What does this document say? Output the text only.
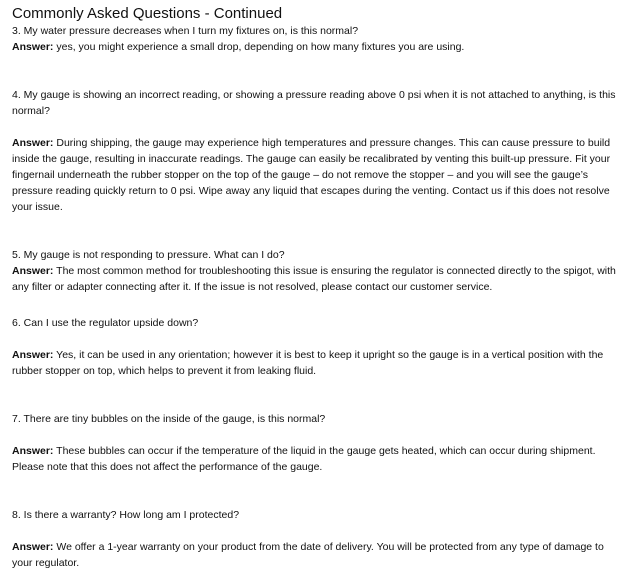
Commonly Asked Questions - Continued

3. My water pressure decreases when I turn my fixtures on, is this normal?

Answer: yes, you might experience a small drop, depending on how many fixtures you are using.

4. My gauge is showing an incorrect reading, or showing a pressure reading above 0 psi when it is not attached to anything, is this normal?

Answer: During shipping, the gauge may experience high temperatures and pressure changes. This can cause pressure to build inside the gauge, resulting in inaccurate readings. The gauge can easily be recalibrated by venting this built-up pressure. Fit your fingernail underneath the rubber stopper on the top of the gauge – do not remove the stopper – and you will see the gauge’s pressure reading quickly return to 0 psi. Wipe away any liquid that escapes during the venting. Contact us if this does not resolve your issue.

5. My gauge is not responding to pressure. What can I do?

Answer: The most common method for troubleshooting this issue is ensuring the regulator is connected directly to the spigot, with any filter or adapter connecting after it. If the issue is not resolved, please contact our customer service.

6. Can I use the regulator upside down?

Answer: Yes, it can be used in any orientation; however it is best to keep it upright so the gauge is in a vertical position with the rubber stopper on top, which helps to prevent it from leaking fluid.

7. There are tiny bubbles on the inside of the gauge, is this normal?

Answer: These bubbles can occur if the temperature of the liquid in the gauge gets heated, which can occur during shipment. Please note that this does not affect the performance of the gauge.

8. Is there a warranty? How long am I protected?

Answer: We offer a 1-year warranty on your product from the date of delivery. You will be protected from any type of damage to your regulator.
